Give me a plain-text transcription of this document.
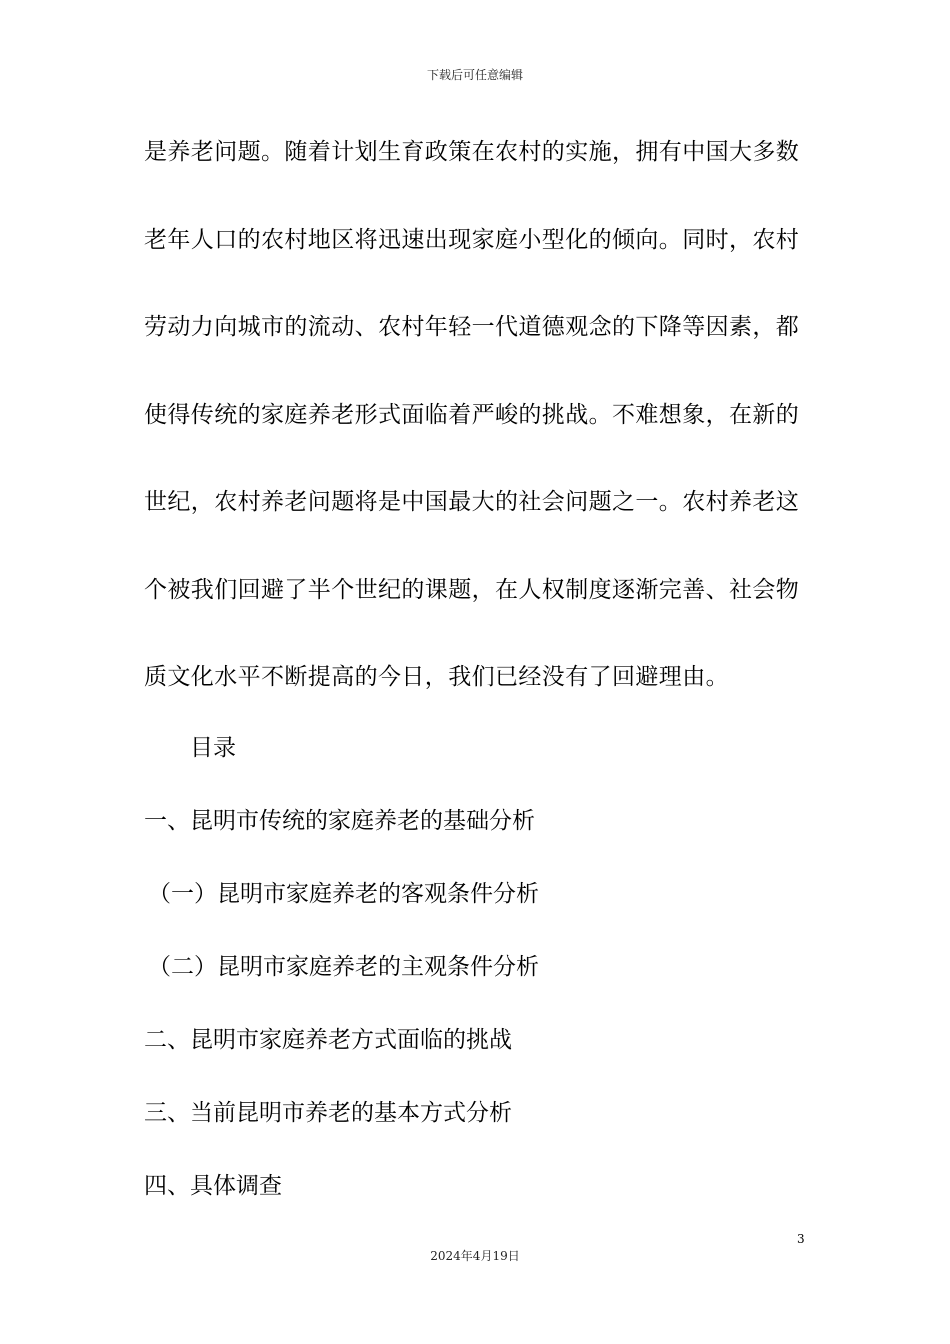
下载后可任意编辑
是养老问题。随着计划生育政策在农村的实施，拥有中国大多数
老年人口的农村地区将迅速出现家庭小型化的倾向。同时，农村
劳动力向城市的流动、农村年轻一代道德观念的下降等因素，都
使得传统的家庭养老形式面临着严峻的挑战。不难想象，在新的
世纪，农村养老问题将是中国最大的社会问题之一。农村养老这
个被我们回避了半个世纪的课题，在人权制度逐渐完善、社会物
质文化水平不断提高的今日，我们已经没有了回避理由。
目录
一、昆明市传统的家庭养老的基础分析
（一）昆明市家庭养老的客观条件分析
（二）昆明市家庭养老的主观条件分析
二、昆明市家庭养老方式面临的挑战
三、当前昆明市养老的基本方式分析
四、具体调查
3
2024年4月19日
